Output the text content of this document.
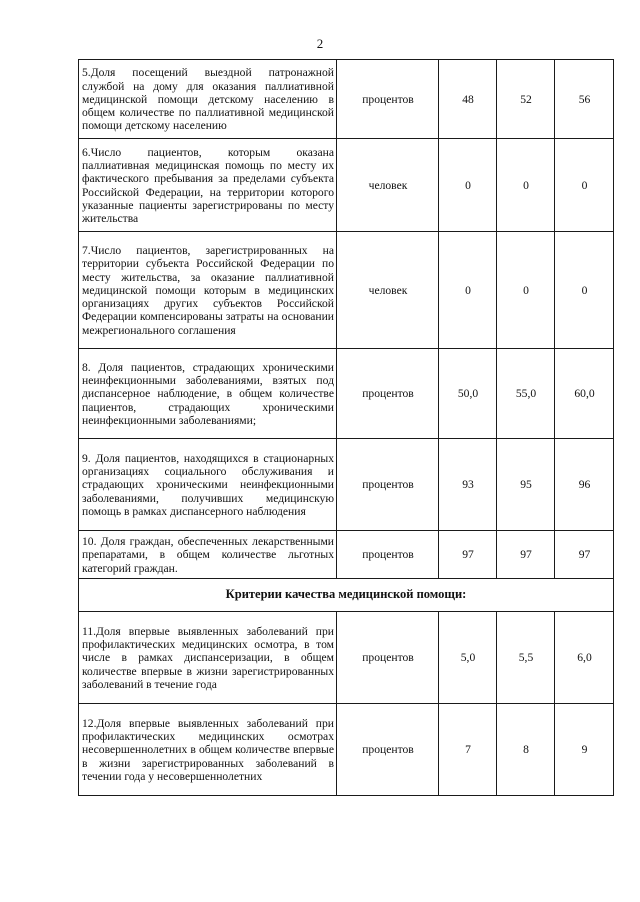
2
5.Доля посещений выездной патронажной службой на дому для оказания паллиативной медицинской помощи детскому населению в общем количестве по паллиативной медицинской помощи детскому населению	процентов	48	52	56
6.Число пациентов, которым оказана паллиативная медицинская помощь по месту их фактического пребывания за пределами субъекта Российской Федерации, на территории которого указанные пациенты зарегистрированы по месту жительства	человек	0	0	0
7.Число пациентов, зарегистрированных на территории субъекта Российской Федерации по месту жительства, за оказание паллиативной медицинской помощи которым в медицинских организациях других субъектов Российской Федерации компенсированы затраты на основании межрегионального соглашения	человек	0	0	0
8. Доля пациентов, страдающих хроническими неинфекционными заболеваниями, взятых под диспансерное наблюдение, в общем количестве пациентов, страдающих хроническими неинфекционными заболеваниями;	процентов	50,0	55,0	60,0
9. Доля пациентов, находящихся в стационарных организациях социального обслуживания и страдающих хроническими неинфекционными заболеваниями, получивших медицинскую помощь в рамках диспансерного наблюдения	процентов	93	95	96
10. Доля граждан, обеспеченных лекарственными препаратами, в общем количестве льготных категорий граждан.	процентов	97	97	97
Критерии качества медицинской помощи:				
11.Доля впервые выявленных заболеваний при профилактических медицинских осмотра, в том числе в рамках диспансеризации, в общем количестве впервые в жизни зарегистрированных заболеваний в течение года	процентов	5,0	5,5	6,0
12.Доля впервые выявленных заболеваний при профилактических медицинских осмотрах несовершеннолетних в общем количестве впервые в жизни зарегистрированных заболеваний в течении года у несовершеннолетних	процентов	7	8	9
